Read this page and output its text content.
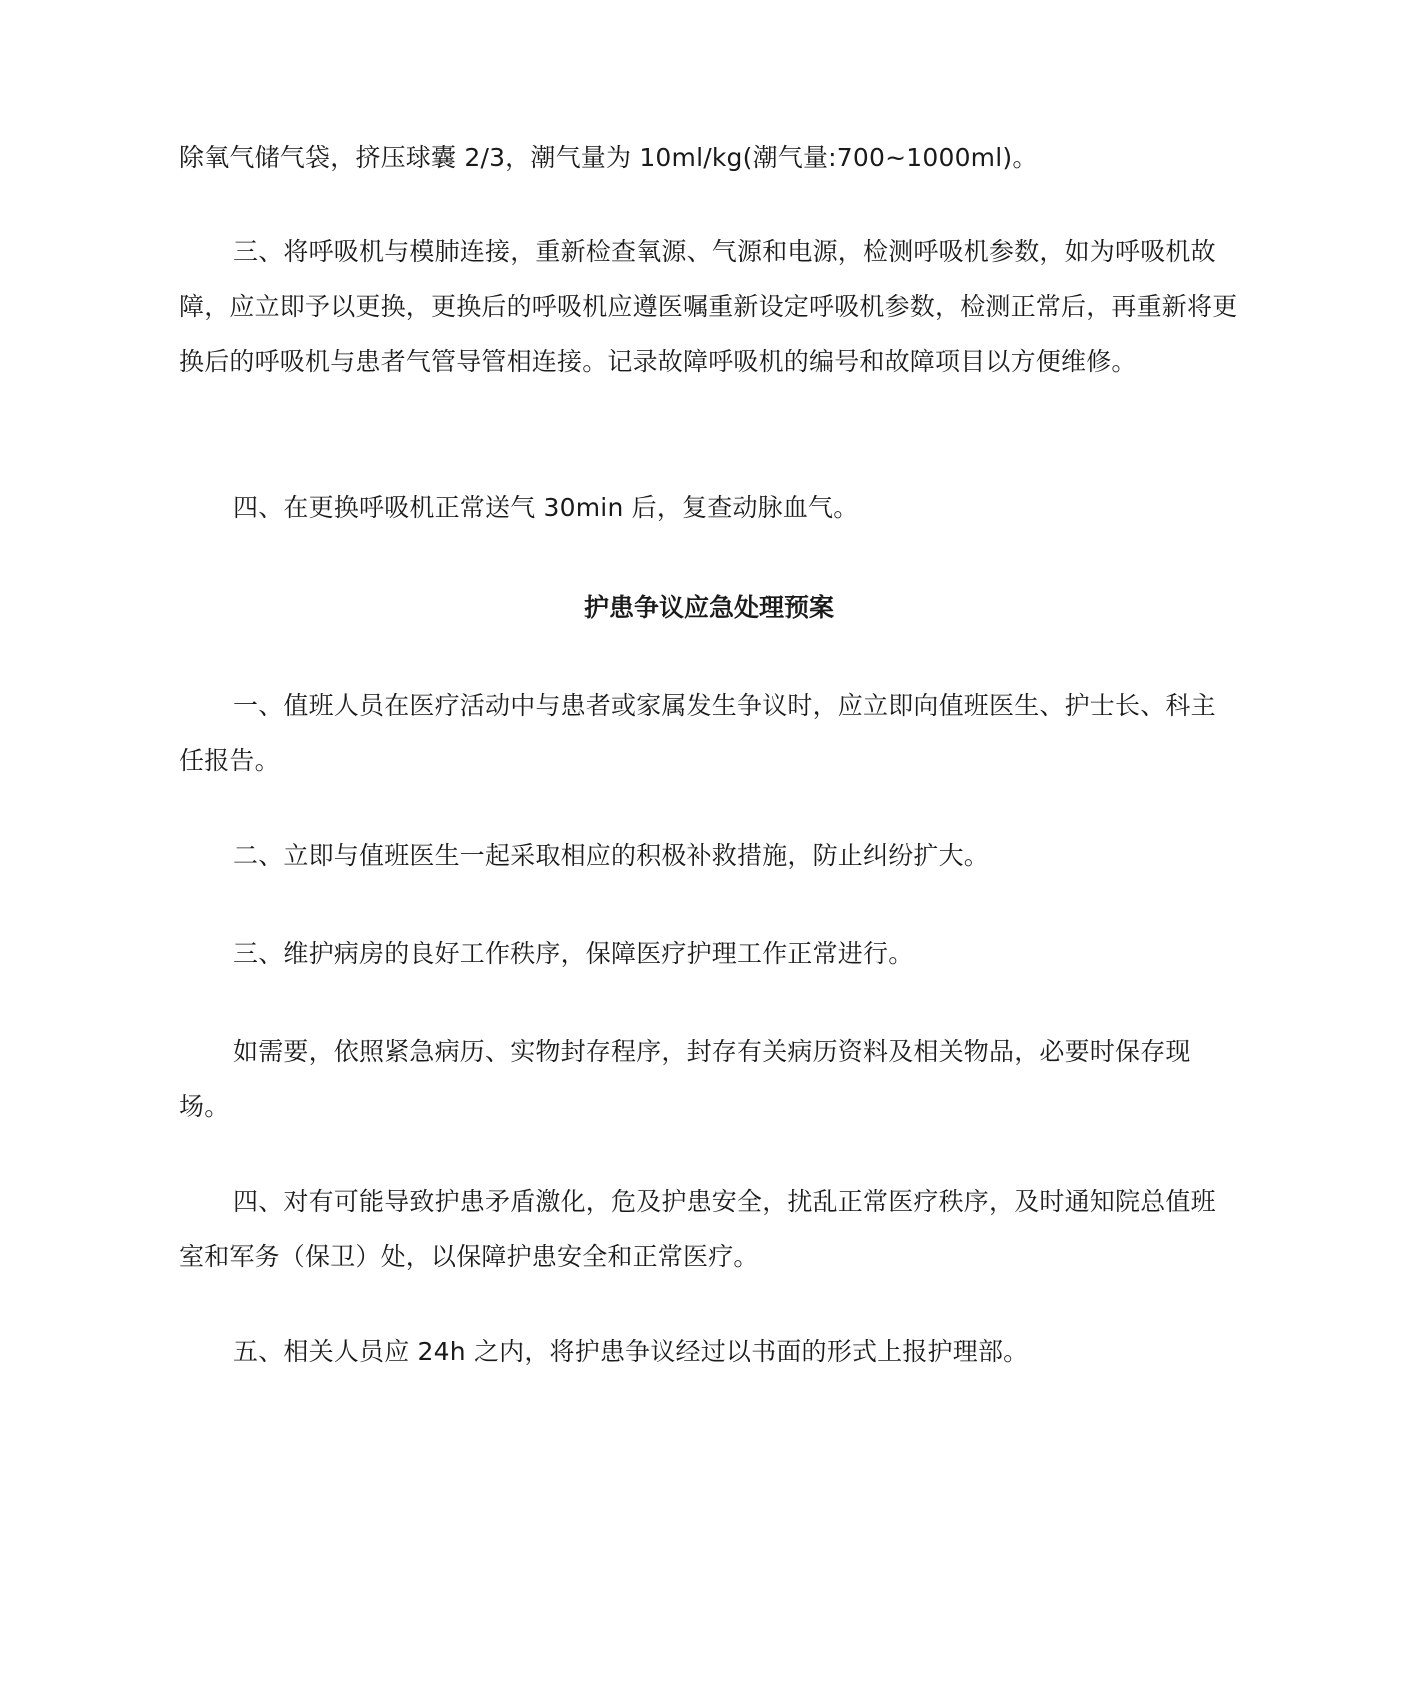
除氧气储气袋，挤压球囊 2/3，潮气量为 10ml/kg(潮气量:700~1000ml)。

三、将呼吸机与模肺连接，重新检查氧源、气源和电源，检测呼吸机参数，如为呼吸机故障，应立即予以更换，更换后的呼吸机应遵医嘱重新设定呼吸机参数，检测正常后，再重新将更换后的呼吸机与患者气管导管相连接。记录故障呼吸机的编号和故障项目以方便维修。

四、在更换呼吸机正常送气 30min 后，复查动脉血气。

护患争议应急处理预案

一、值班人员在医疗活动中与患者或家属发生争议时，应立即向值班医生、护士长、科主任报告。

二、立即与值班医生一起采取相应的积极补救措施，防止纠纷扩大。

三、维护病房的良好工作秩序，保障医疗护理工作正常进行。

如需要，依照紧急病历、实物封存程序，封存有关病历资料及相关物品，必要时保存现场。

四、对有可能导致护患矛盾激化，危及护患安全，扰乱正常医疗秩序，及时通知院总值班室和军务（保卫）处，以保障护患安全和正常医疗。

五、相关人员应 24h 之内，将护患争议经过以书面的形式上报护理部。
